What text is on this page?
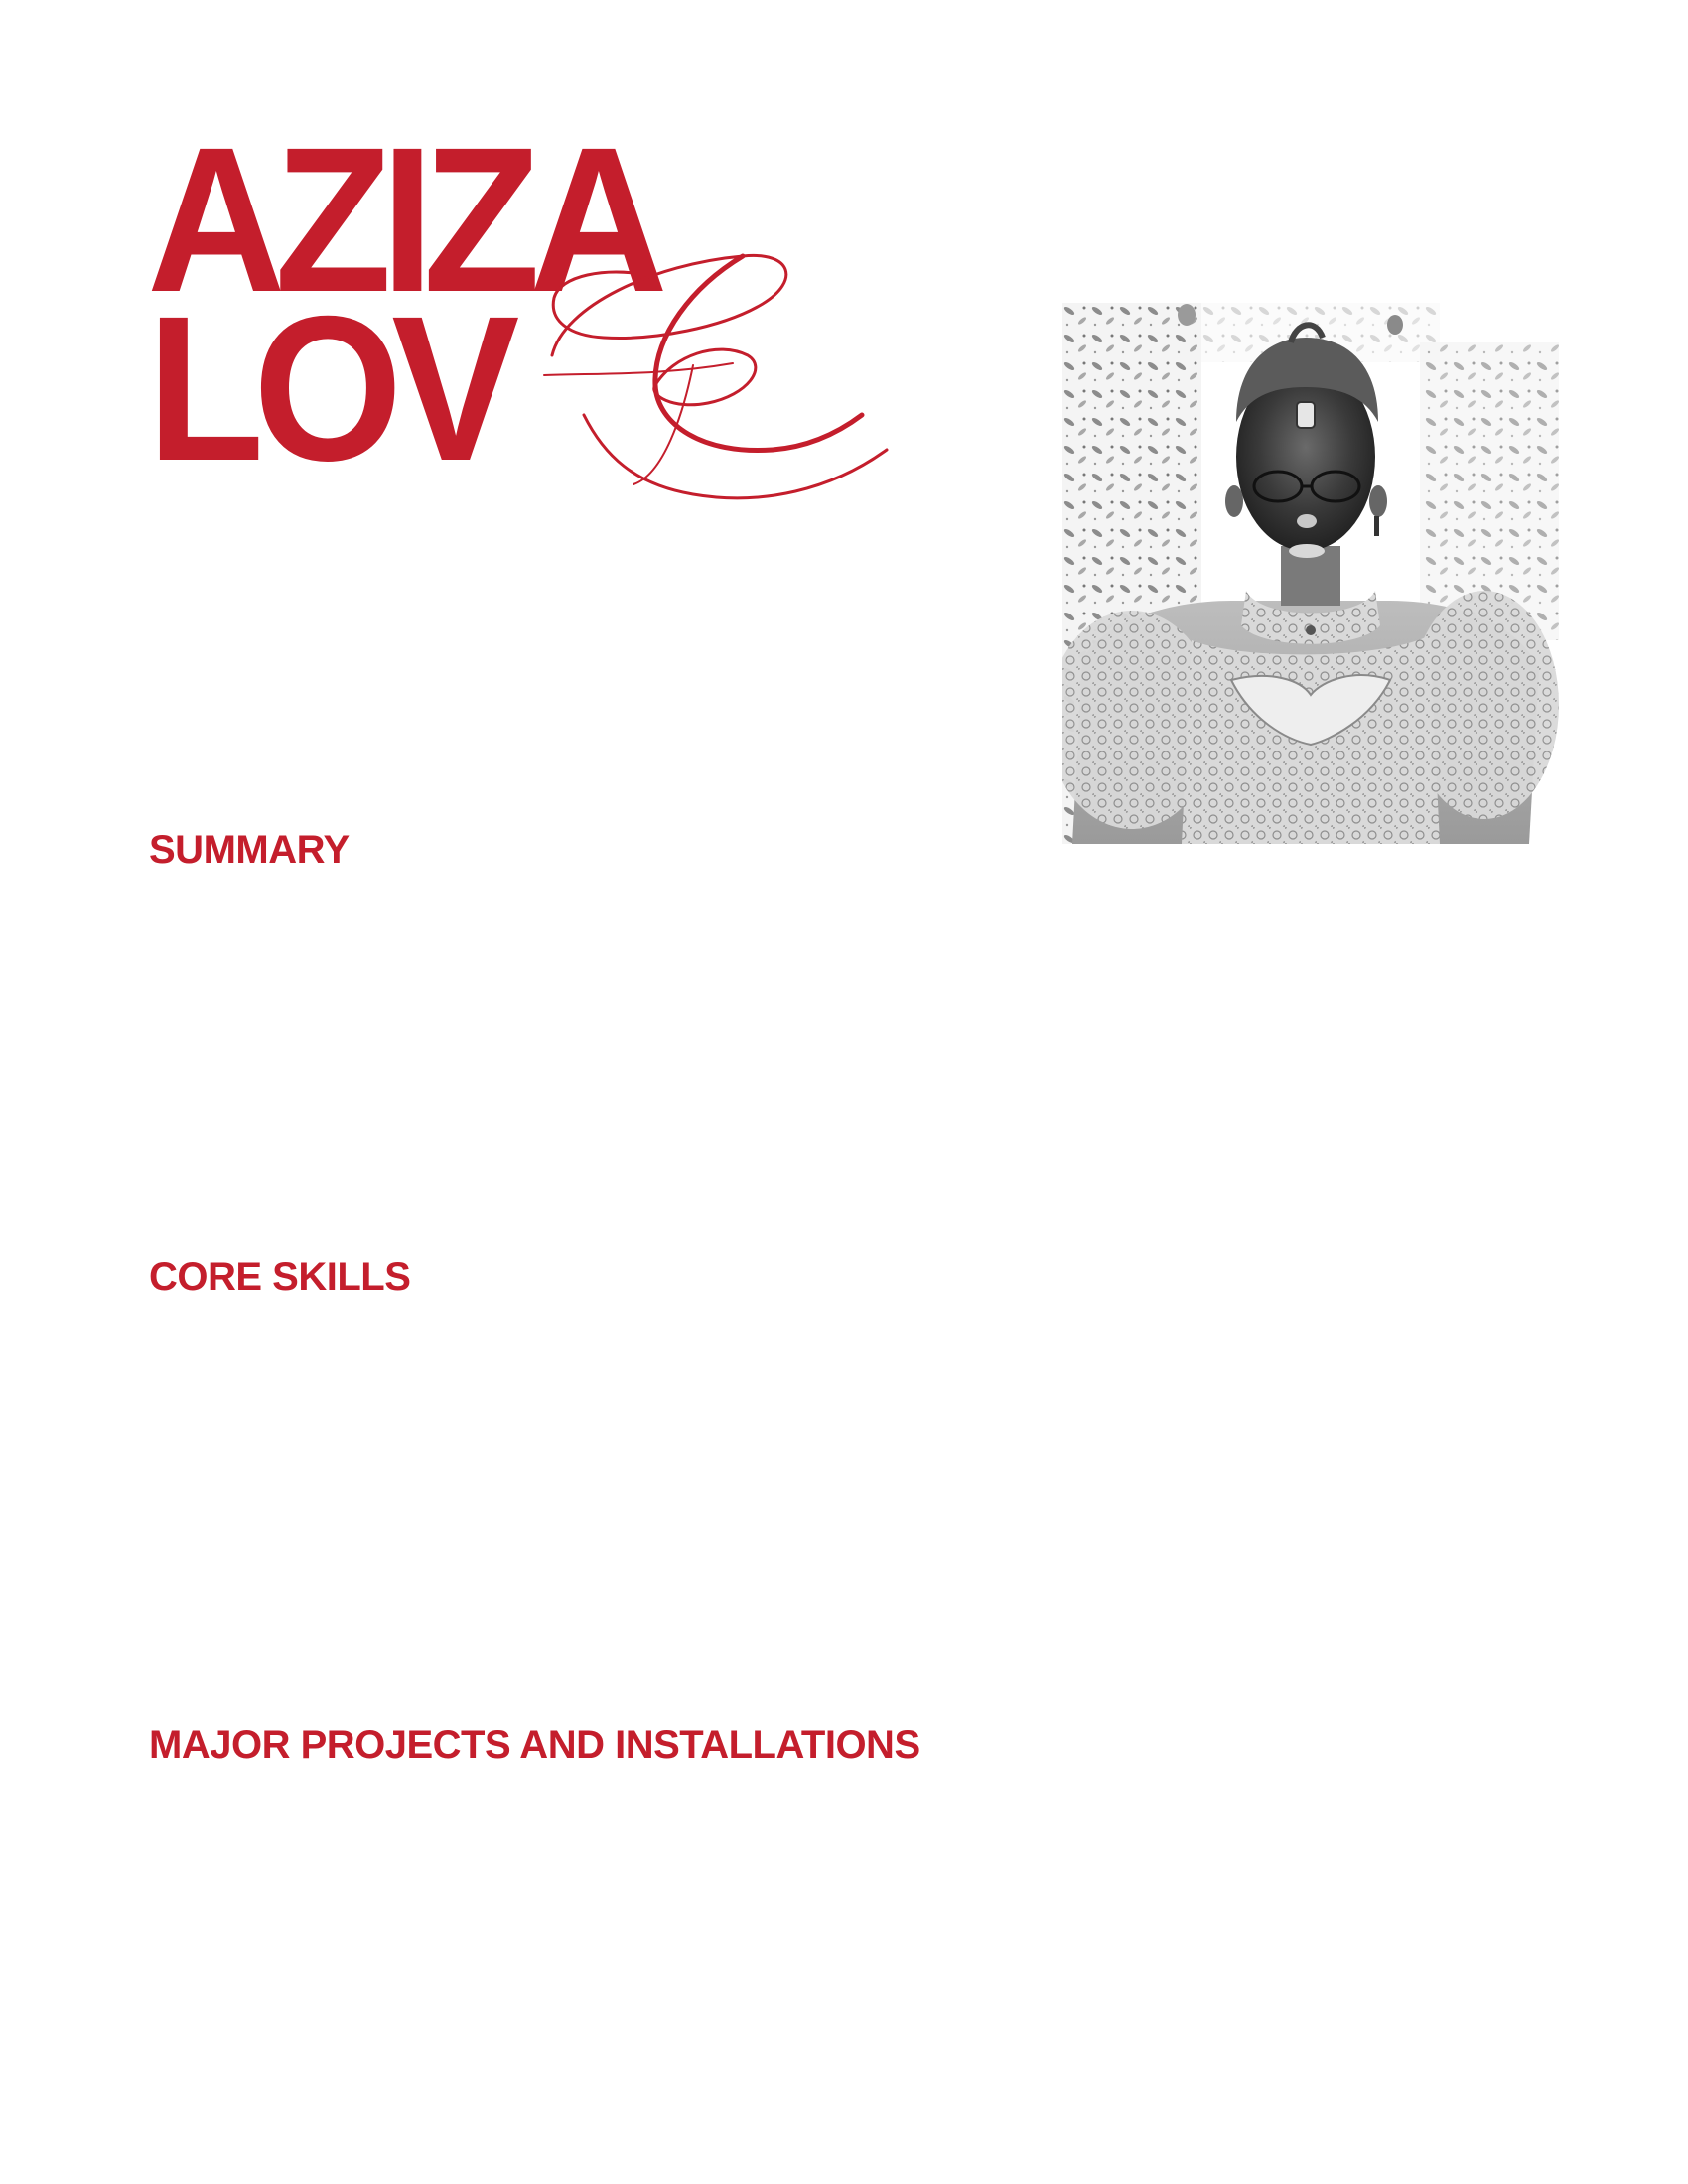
AZIZA
LOV
SUMMARY
CORE SKILLS
MAJOR PROJECTS AND INSTALLATIONS
